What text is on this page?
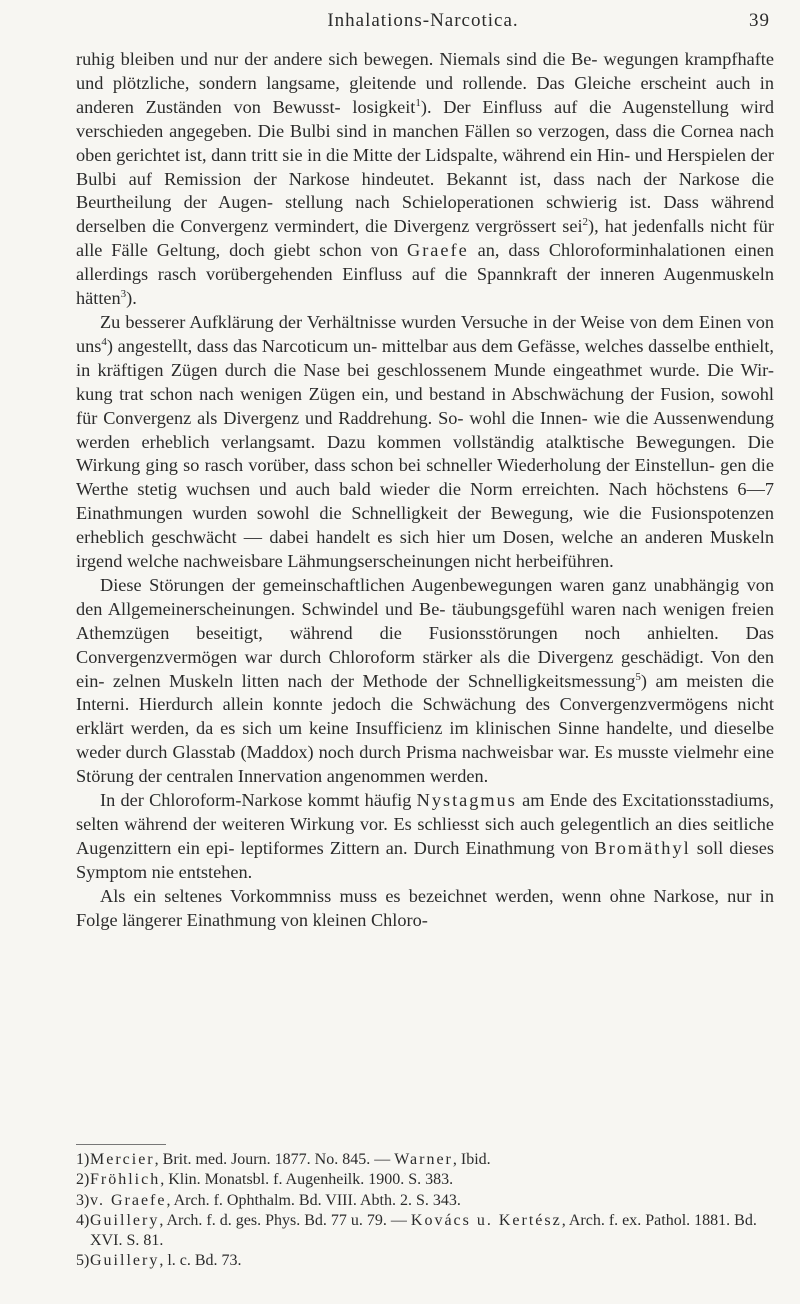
Inhalations-Narcotica.	39

ruhig bleiben und nur der andere sich bewegen. Niemals sind die Be- wegungen krampfhafte und plötzliche, sondern langsame, gleitende und rollende. Das Gleiche erscheint auch in anderen Zuständen von Bewusst- losigkeit$^1$). Der Einfluss auf die Augenstellung wird verschieden angegeben. Die Bulbi sind in manchen Fällen so verzogen, dass die Cornea nach oben gerichtet ist, dann tritt sie in die Mitte der Lidspalte, während ein Hin- und Herspielen der Bulbi auf Remission der Narkose hindeutet. Bekannt ist, dass nach der Narkose die Beurtheilung der Augen- stellung nach Schieloperationen schwierig ist. Dass während derselben die Convergenz vermindert, die Divergenz vergrössert sei$^2$), hat jedenfalls nicht für alle Fälle Geltung, doch giebt schon von Graefe an, dass Chloroforminhalationen einen allerdings rasch vorübergehenden Einfluss auf die Spannkraft der inneren Augenmuskeln hätten$^3$).

Zu besserer Aufklärung der Verhältnisse wurden Versuche in der Weise von dem Einen von uns$^4$) angestellt, dass das Narcoticum un- mittelbar aus dem Gefässe, welches dasselbe enthielt, in kräftigen Zügen durch die Nase bei geschlossenem Munde eingeathmet wurde. Die Wir- kung trat schon nach wenigen Zügen ein, und bestand in Abschwächung der Fusion, sowohl für Convergenz als Divergenz und Raddrehung. So- wohl die Innen- wie die Aussenwendung werden erheblich verlangsamt. Dazu kommen vollständig atalktische Bewegungen. Die Wirkung ging so rasch vorüber, dass schon bei schneller Wiederholung der Einstellun- gen die Werthe stetig wuchsen und auch bald wieder die Norm erreichten. Nach höchstens 6—7 Einathmungen wurden sowohl die Schnelligkeit der Bewegung, wie die Fusionspotenzen erheblich geschwächt — dabei handelt es sich hier um Dosen, welche an anderen Muskeln irgend welche nachweisbare Lähmungserscheinungen nicht herbeiführen.

Diese Störungen der gemeinschaftlichen Augenbewegungen waren ganz unabhängig von den Allgemeinerscheinungen. Schwindel und Be- täubungsgefühl waren nach wenigen freien Athemzügen beseitigt, während die Fusionsstörungen noch anhielten. Das Convergenzvermögen war durch Chloroform stärker als die Divergenz geschädigt. Von den ein- zelnen Muskeln litten nach der Methode der Schnelligkeitsmessung$^5$) am meisten die Interni. Hierdurch allein konnte jedoch die Schwächung des Convergenzvermögens nicht erklärt werden, da es sich um keine Insufficienz im klinischen Sinne handelte, und dieselbe weder durch Glasstab (Maddox) noch durch Prisma nachweisbar war. Es musste vielmehr eine Störung der centralen Innervation angenommen werden.

In der Chloroform-Narkose kommt häufig Nystagmus am Ende des Excitationsstadiums, selten während der weiteren Wirkung vor. Es schliesst sich auch gelegentlich an dies seitliche Augenzittern ein epi- leptiformes Zittern an. Durch Einathmung von Bromäthyl soll dieses Symptom nie entstehen.

Als ein seltenes Vorkommniss muss es bezeichnet werden, wenn ohne Narkose, nur in Folge längerer Einathmung von kleinen Chloro-

1)Mercier, Brit. med. Journ. 1877. No. 845. — Warner, Ibid.
2)Fröhlich, Klin. Monatsbl. f. Augenheilk. 1900. S. 383.
3)v. Graefe, Arch. f. Ophthalm. Bd. VIII. Abth. 2. S. 343.
4)Guillery, Arch. f. d. ges. Phys. Bd. 77 u. 79. — Kovács u. Kertész, Arch. f. ex. Pathol. 1881. Bd. XVI. S. 81.
5)Guillery, l. c. Bd. 73.
